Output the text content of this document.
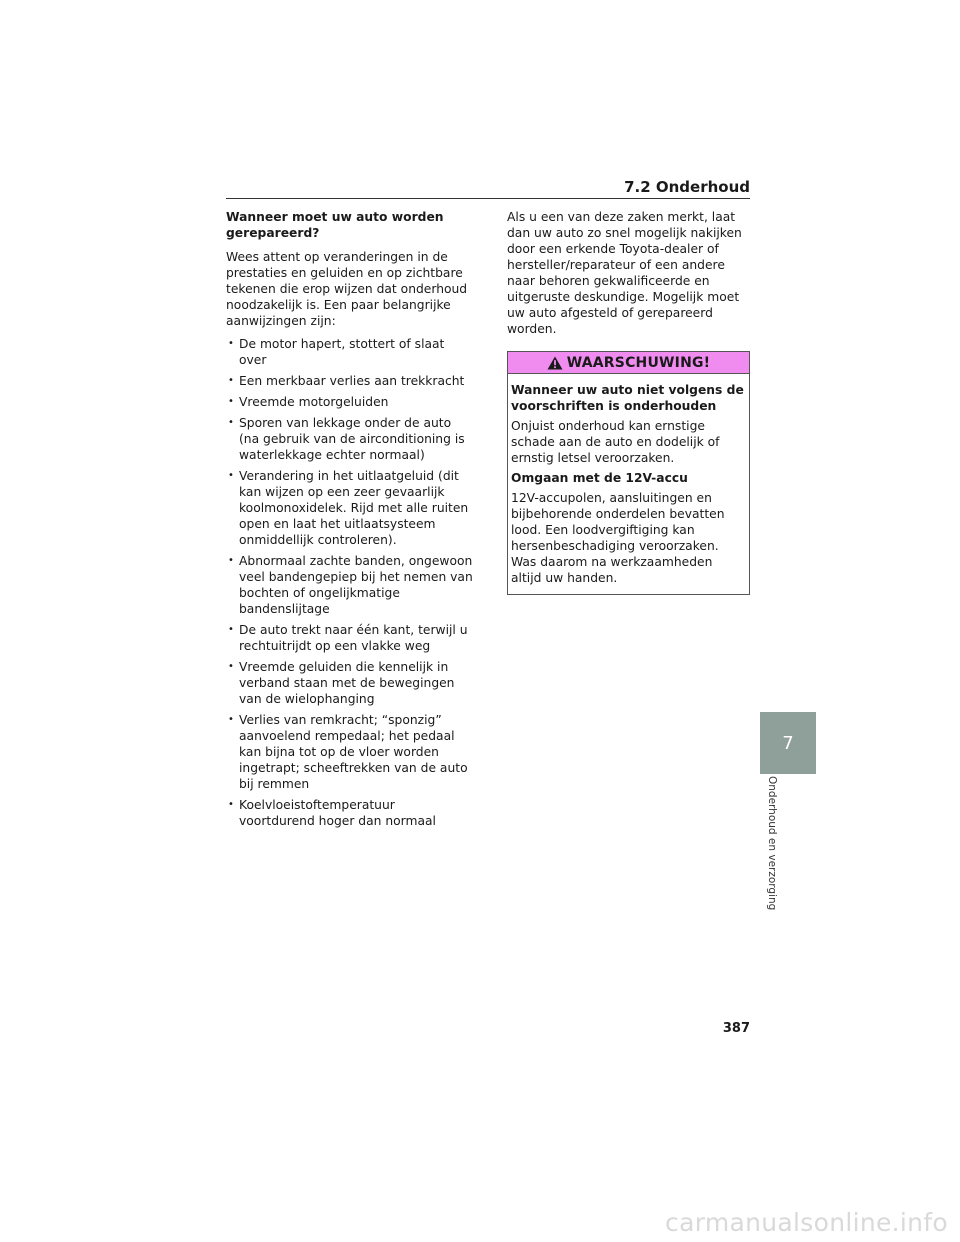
7.2 Onderhoud

Wanneer moet uw auto worden gerepareerd?

Wees attent op veranderingen in de prestaties en geluiden en op zichtbare tekenen die erop wijzen dat onderhoud noodzakelijk is. Een paar belangrijke aanwijzingen zijn:

• De motor hapert, stottert of slaat over
• Een merkbaar verlies aan trekkracht
• Vreemde motorgeluiden
• Sporen van lekkage onder de auto (na gebruik van de airconditioning is waterlekkage echter normaal)
• Verandering in het uitlaatgeluid (dit kan wijzen op een zeer gevaarlijk koolmonoxidelek. Rijd met alle ruiten open en laat het uitlaatsysteem onmiddellijk controleren).
• Abnormaal zachte banden, ongewoon veel bandengepiep bij het nemen van bochten of ongelijkmatige bandenslijtage
• De auto trekt naar één kant, terwijl u rechtuitrijdt op een vlakke weg
• Vreemde geluiden die kennelijk in verband staan met de bewegingen van de wielophanging
• Verlies van remkracht; “sponzig” aanvoelend rempedaal; het pedaal kan bijna tot op de vloer worden ingetrapt; scheeftrekken van de auto bij remmen
• Koelvloeistoftemperatuur voortdurend hoger dan normaal

Als u een van deze zaken merkt, laat dan uw auto zo snel mogelijk nakijken door een erkende Toyota-dealer of hersteller/reparateur of een andere naar behoren gekwalificeerde en uitgeruste deskundige. Mogelijk moet uw auto afgesteld of gerepareerd worden.

WAARSCHUWING!

Wanneer uw auto niet volgens de voorschriften is onderhouden

Onjuist onderhoud kan ernstige schade aan de auto en dodelijk of ernstig letsel veroorzaken.

Omgaan met de 12V-accu

12V-accupolen, aansluitingen en bijbehorende onderdelen bevatten lood. Een loodvergiftiging kan hersenbeschadiging veroorzaken. Was daarom na werkzaamheden altijd uw handen.

7
Onderhoud en verzorging
387
carmanualsonline.info
